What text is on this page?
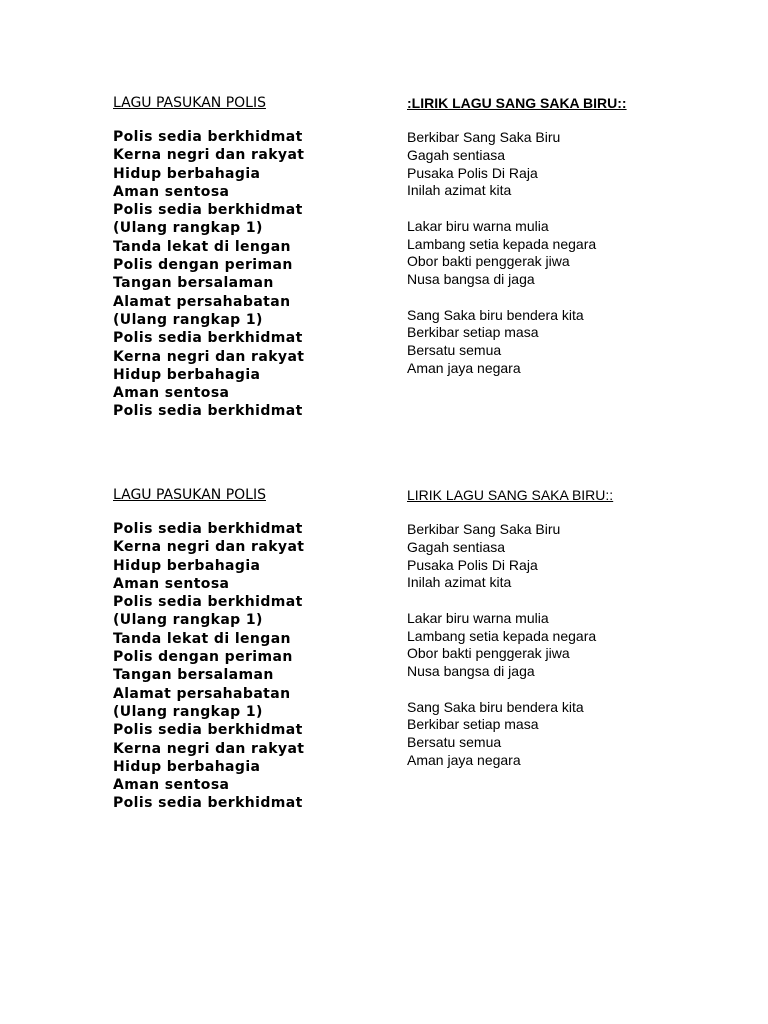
LAGU PASUKAN POLIS
Polis sedia berkhidmat
Kerna negri dan rakyat
Hidup berbahagia
Aman sentosa
Polis sedia berkhidmat
(Ulang rangkap 1)
Tanda lekat di lengan
Polis dengan periman
Tangan bersalaman
Alamat persahabatan
(Ulang rangkap 1)
Polis sedia berkhidmat
Kerna negri dan rakyat
Hidup berbahagia
Aman sentosa
Polis sedia berkhidmat
:LIRIK LAGU SANG SAKA BIRU::
Berkibar Sang Saka Biru
Gagah sentiasa
Pusaka Polis Di Raja
Inilah azimat kita
Lakar biru warna mulia
Lambang setia kepada negara
Obor bakti penggerak jiwa
Nusa bangsa di jaga
Sang Saka biru bendera kita
Berkibar setiap masa
Bersatu semua
Aman jaya negara
LAGU PASUKAN POLIS
Polis sedia berkhidmat
Kerna negri dan rakyat
Hidup berbahagia
Aman sentosa
Polis sedia berkhidmat
(Ulang rangkap 1)
Tanda lekat di lengan
Polis dengan periman
Tangan bersalaman
Alamat persahabatan
(Ulang rangkap 1)
Polis sedia berkhidmat
Kerna negri dan rakyat
Hidup berbahagia
Aman sentosa
Polis sedia berkhidmat
LIRIK LAGU SANG SAKA BIRU::
Berkibar Sang Saka Biru
Gagah sentiasa
Pusaka Polis Di Raja
Inilah azimat kita
Lakar biru warna mulia
Lambang setia kepada negara
Obor bakti penggerak jiwa
Nusa bangsa di jaga
Sang Saka biru bendera kita
Berkibar setiap masa
Bersatu semua
Aman jaya negara
